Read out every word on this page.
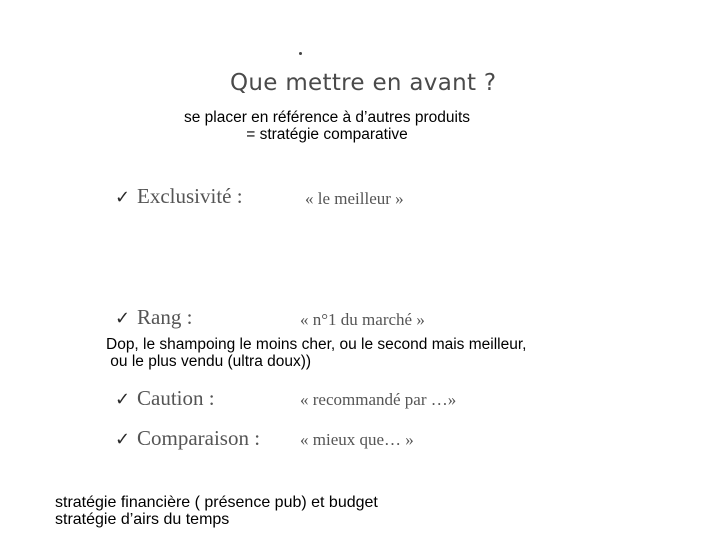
Que mettre en avant ?
se placer en référence à d’autres produits
= stratégie comparative
✓ Exclusivité :	« le meilleur »
✓ Rang :	« n°1 du marché »
Dop, le shampoing le moins cher, ou le second mais meilleur,
ou le plus vendu (ultra doux))
✓ Caution :	« recommandé par …»
✓ Comparaison : « mieux que… »
stratégie financière ( présence pub) et budget
stratégie d’airs du temps
